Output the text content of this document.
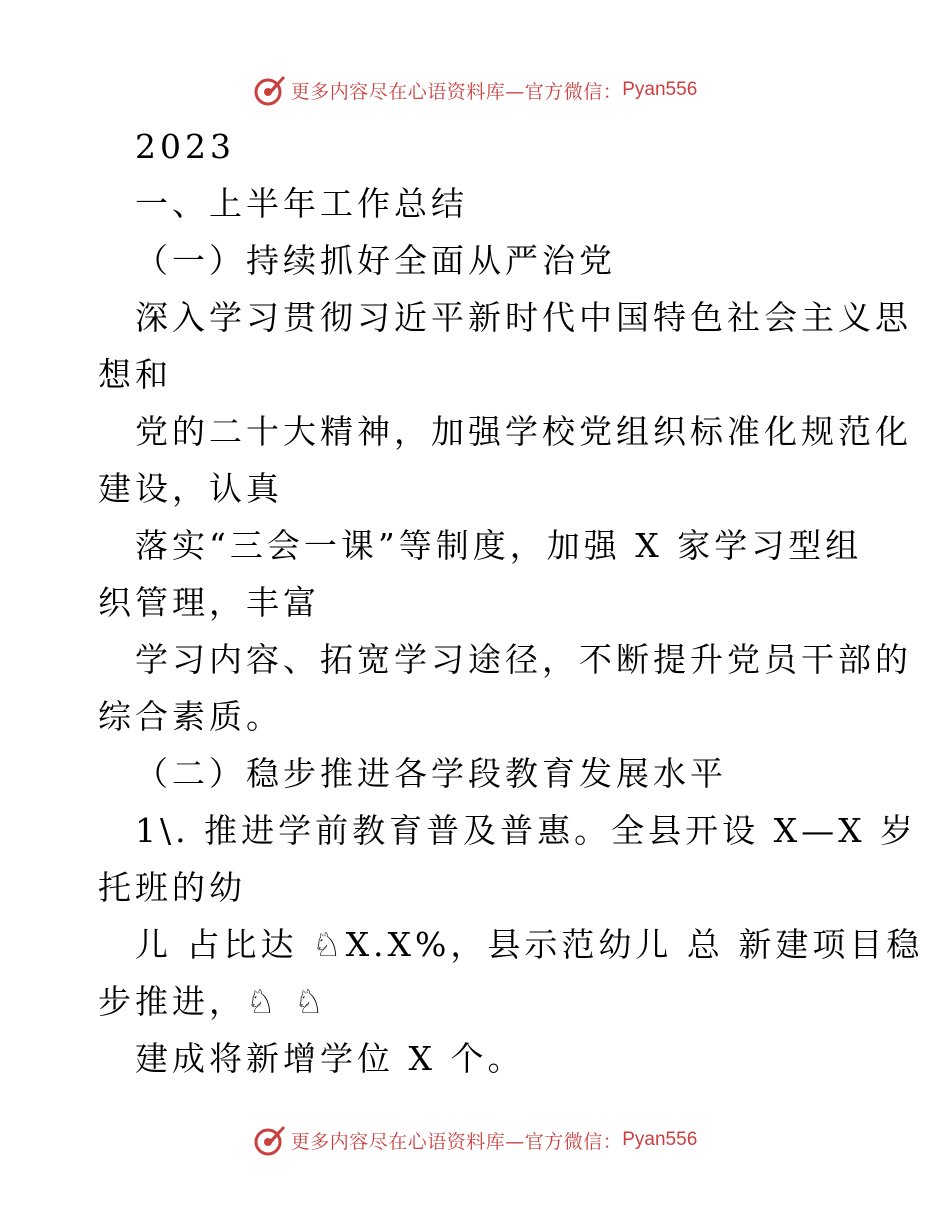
更多内容尽在心语资料库—官方微信： Pyan556
2023
一、上半年工作总结
（一）持续抓好全面从严治党
深入学习贯彻习近平新时代中国特色社会主义思
想和
党的二十大精神，加强学校党组织标准化规范化
建设，认真
落实“三会一课”等制度，加强 X 家学习型组
织管理，丰富
学习内容、拓宽学习途径，不断提升党员干部的
综合素质。
（二）稳步推进各学段教育发展水平
1\. 推进学前教育普及普惠。全县开设 X—X 岁
托班的幼
儿 占比达 ♘X.X%，县示范幼儿 总 新建项目稳
步推进，♘ ♘
建成将新增学位 X 个。
更多内容尽在心语资料库—官方微信： Pyan556
